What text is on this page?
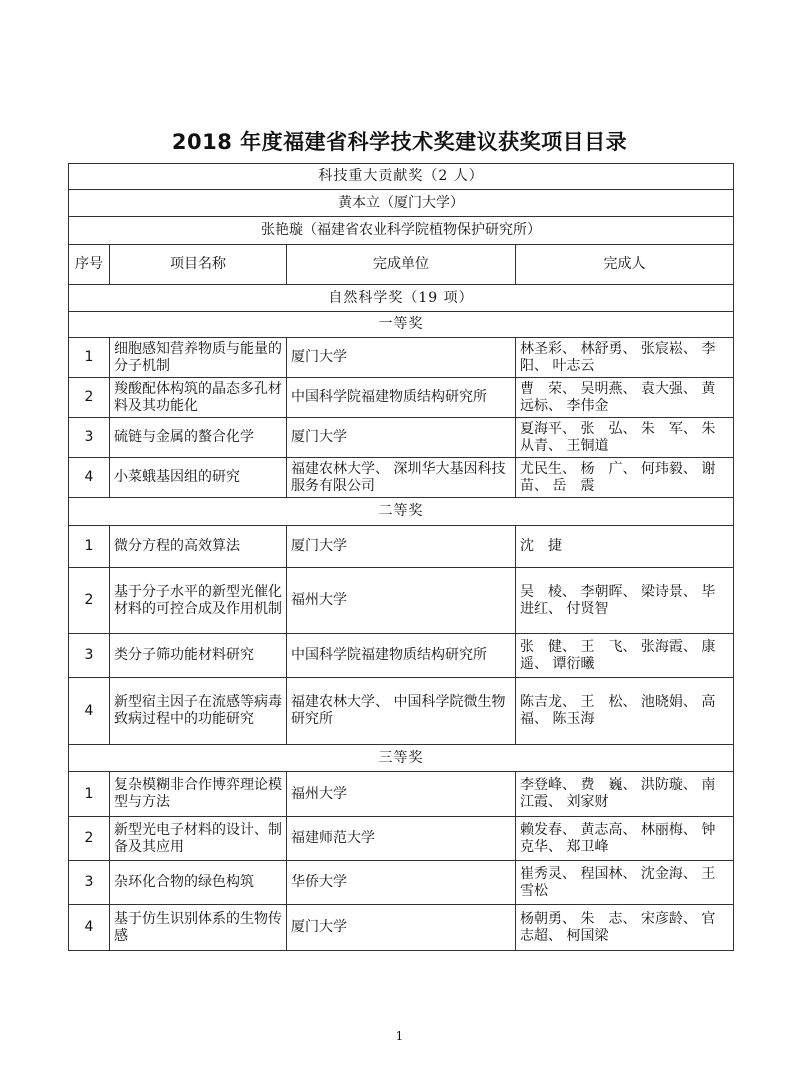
2018 年度福建省科学技术奖建议获奖项目目录
科技重大贡献奖（2 人）			
黄本立（厦门大学）			
张艳璇（福建省农业科学院植物保护研究所）			
序号	项目名称	完成单位	完成人
自然科学奖（19 项）			
一等奖			
1	细胞感知营养物质与能量的分子机制	厦门大学	林圣彩、 林舒勇、 张宸崧、 李　阳、 叶志云
2	羧酸配体构筑的晶态多孔材料及其功能化	中国科学院福建物质结构研究所	曹　荣、 吴明燕、 袁大强、 黄远标、 李伟金
3	硫链与金属的螯合化学	厦门大学	夏海平、 张　弘、 朱　军、 朱从青、 王铜道
4	小菜蛾基因组的研究	福建农林大学、 深圳华大基因科技服务有限公司	尤民生、 杨　广、 何玮毅、 谢　苗、 岳　震
二等奖			
1	微分方程的高效算法	厦门大学	沈　捷
2	基于分子水平的新型光催化材料的可控合成及作用机制	福州大学	吴　棱、 李朝晖、 梁诗景、 毕进红、 付贤智
3	类分子筛功能材料研究	中国科学院福建物质结构研究所	张　健、 王　飞、 张海霞、 康　遥、 谭衍曦
4	新型宿主因子在流感等病毒致病过程中的功能研究	福建农林大学、 中国科学院微生物研究所	陈吉龙、 王　松、 池晓娟、 高　福、 陈玉海
三等奖			
1	复杂模糊非合作博弈理论模型与方法	福州大学	李登峰、 费　巍、 洪防璇、 南江霞、 刘家财
2	新型光电子材料的设计、制备及其应用	福建师范大学	赖发春、 黄志高、 林丽梅、 钟克华、 郑卫峰
3	杂环化合物的绿色构筑	华侨大学	崔秀灵、 程国林、 沈金海、 王雪松
4	基于仿生识别体系的生物传感	厦门大学	杨朝勇、 朱　志、 宋彦龄、 官志超、 柯国梁
1
